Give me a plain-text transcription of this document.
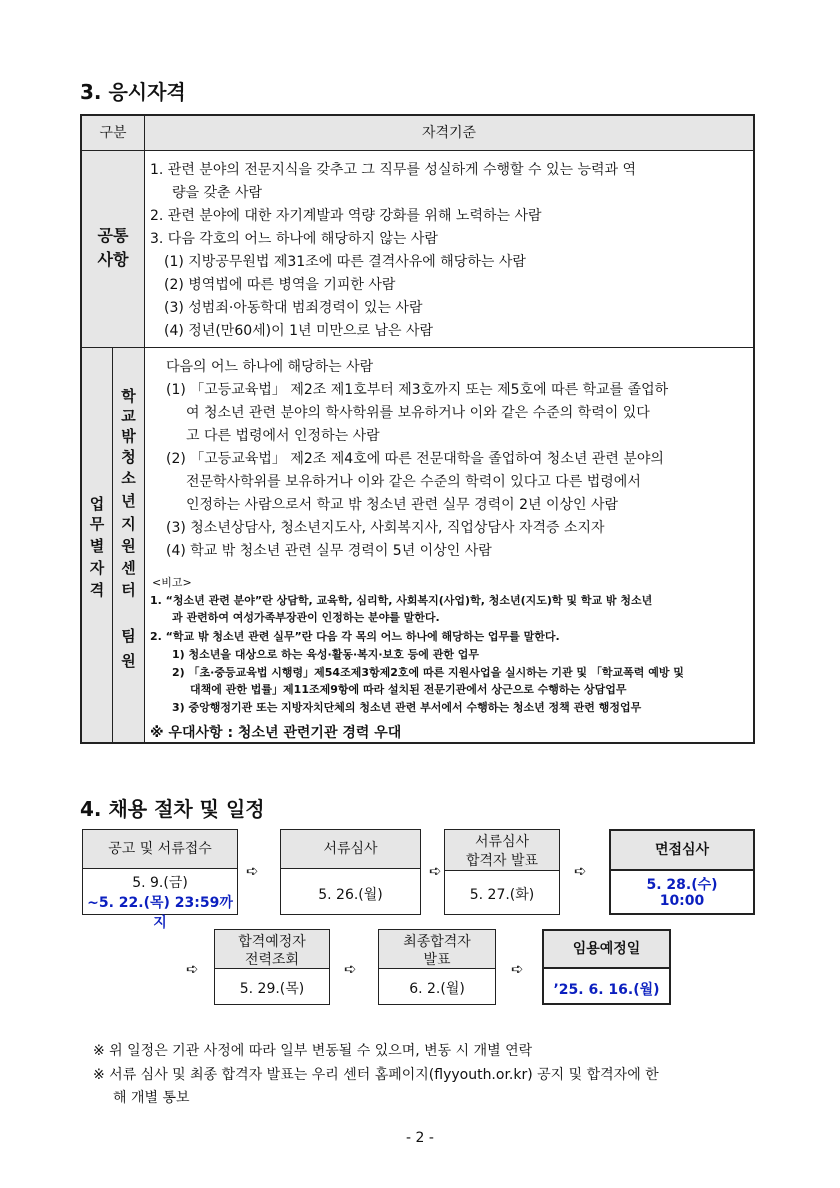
3. 응시자격
구분	자격기준
공통
사항
1. 관련 분야의 전문지식을 갖추고 그 직무를 성실하게 수행할 수 있는 능력과 역
량을 갖춘 사람
2. 관련 분야에 대한 자기계발과 역량 강화를 위해 노력하는 사람
3. 다음 각호의 어느 하나에 해당하지 않는 사람
(1) 지방공무원법 제31조에 따른 결격사유에 해당하는 사람
(2) 병역법에 따른 병역을 기피한 사람
(3) 성범죄·아동학대 범죄경력이 있는 사람
(4) 정년(만60세)이 1년 미만으로 남은 사람
업
무
별
자
격
학
교
밖
청
소
년
지
원
센
터
팀
원
다음의 어느 하나에 해당하는 사람
(1) 「고등교육법」 제2조 제1호부터 제3호까지 또는 제5호에 따른 학교를 졸업하
여 청소년 관련 분야의 학사학위를 보유하거나 이와 같은 수준의 학력이 있다
고 다른 법령에서 인정하는 사람
(2) 「고등교육법」 제2조 제4호에 따른 전문대학을 졸업하여 청소년 관련 분야의
전문학사학위를 보유하거나 이와 같은 수준의 학력이 있다고 다른 법령에서
인정하는 사람으로서 학교 밖 청소년 관련 실무 경력이 2년 이상인 사람
(3) 청소년상담사, 청소년지도사, 사회복지사, 직업상담사 자격증 소지자
(4) 학교 밖 청소년 관련 실무 경력이 5년 이상인 사람
<비고>
1. “청소년 관련 분야”란 상담학, 교육학, 심리학, 사회복지(사업)학, 청소년(지도)학 및 학교 밖 청소년
과 관련하여 여성가족부장관이 인정하는 분야를 말한다.
2. “학교 밖 청소년 관련 실무”란 다음 각 목의 어느 하나에 해당하는 업무를 말한다.
1) 청소년을 대상으로 하는 육성·활동·복지·보호 등에 관한 업무
2) 「초·중등교육법 시행령」제54조제3항제2호에 따른 지원사업을 실시하는 기관 및 「학교폭력 예방 및
대책에 관한 법률」제11조제9항에 따라 설치된 전문기관에서 상근으로 수행하는 상담업무
3) 중앙행정기관 또는 지방자치단체의 청소년 관련 부서에서 수행하는 청소년 정책 관련 행정업무
※ 우대사항 : 청소년 관련기관 경력 우대
4. 채용 절차 및 일정
공고 및 서류접수
5. 9.(금)
~5. 22.(목) 23:59까지
➪
서류심사
5. 26.(월)
➪
서류심사
합격자 발표
5. 27.(화)
➪
면접심사
5. 28.(수)
10:00
➪
합격예정자
전력조회
5. 29.(목)
➪
최종합격자
발표
6. 2.(월)
➪
임용예정일
’25. 6. 16.(월)
※ 위 일정은 기관 사정에 따라 일부 변동될 수 있으며, 변동 시 개별 연락
※ 서류 심사 및 최종 합격자 발표는 우리 센터 홈페이지(flyyouth.or.kr) 공지 및 합격자에 한
해 개별 통보
- 2 -
